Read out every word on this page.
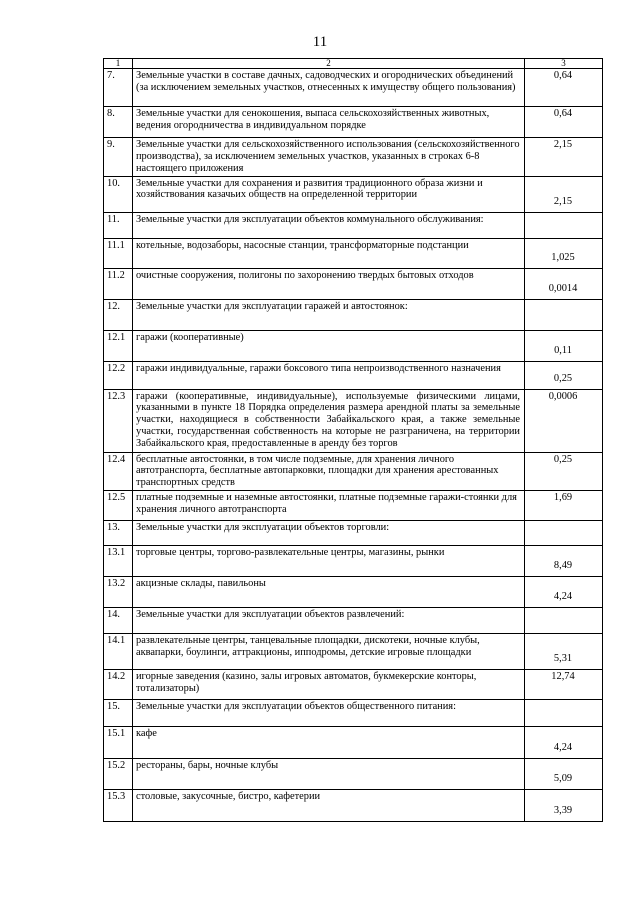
11
1	2	3
7.	Земельные участки в составе дачных, садоводческих и огороднических объединений (за исключением земельных участков, отнесенных к имуществу общего пользования)	0,64
8.	Земельные участки для сенокошения, выпаса сельскохозяйственных животных, ведения огородничества в индивидуальном порядке	0,64
9.	Земельные участки для сельскохозяйственного использования (сельскохозяйственного производства), за исключением земельных участков, указанных в строках 6-8 настоящего приложения	2,15
10.	Земельные участки для сохранения и развития традиционного образа жизни и хозяйствования казачьих обществ на определенной территории	2,15
11.	Земельные участки для эксплуатации объектов коммунального обслуживания:	
11.1	котельные, водозаборы, насосные станции, трансформаторные подстанции	1,025
11.2	очистные сооружения, полигоны по захоронению твердых бытовых отходов	0,0014
12.	Земельные участки для эксплуатации гаражей и автостоянок:	
12.1	гаражи (кооперативные)	0,11
12.2	гаражи индивидуальные, гаражи боксового типа непроизводственного назначения	0,25
12.3	гаражи (кооперативные, индивидуальные), используемые физическими лицами, указанными в пункте 18 Порядка определения размера арендной платы за земельные участки, находящиеся в собственности Забайкальского края, а также земельные участки, государственная собственность на которые не разграничена, на территории Забайкальского края, предоставленные в аренду без торгов	0,0006
12.4	бесплатные автостоянки, в том числе подземные, для хранения личного автотранспорта, бесплатные автопарковки, площадки для хранения арестованных транспортных средств	0,25
12.5	платные подземные и наземные автостоянки, платные подземные гаражи-стоянки для хранения личного автотранспорта	1,69
13.	Земельные участки для эксплуатации объектов торговли:	
13.1	торговые центры, торгово-развлекательные центры, магазины, рынки	8,49
13.2	акцизные склады, павильоны	4,24
14.	Земельные участки для эксплуатации объектов развлечений:	
14.1	развлекательные центры, танцевальные площадки, дискотеки, ночные клубы, аквапарки, боулинги, аттракционы, ипподромы, детские игровые площадки	5,31
14.2	игорные заведения (казино, залы игровых автоматов, букмекерские конторы, тотализаторы)	12,74
15.	Земельные участки для эксплуатации объектов общественного питания:	
15.1	кафе	4,24
15.2	рестораны, бары, ночные клубы	5,09
15.3	столовые, закусочные, бистро, кафетерии	3,39
